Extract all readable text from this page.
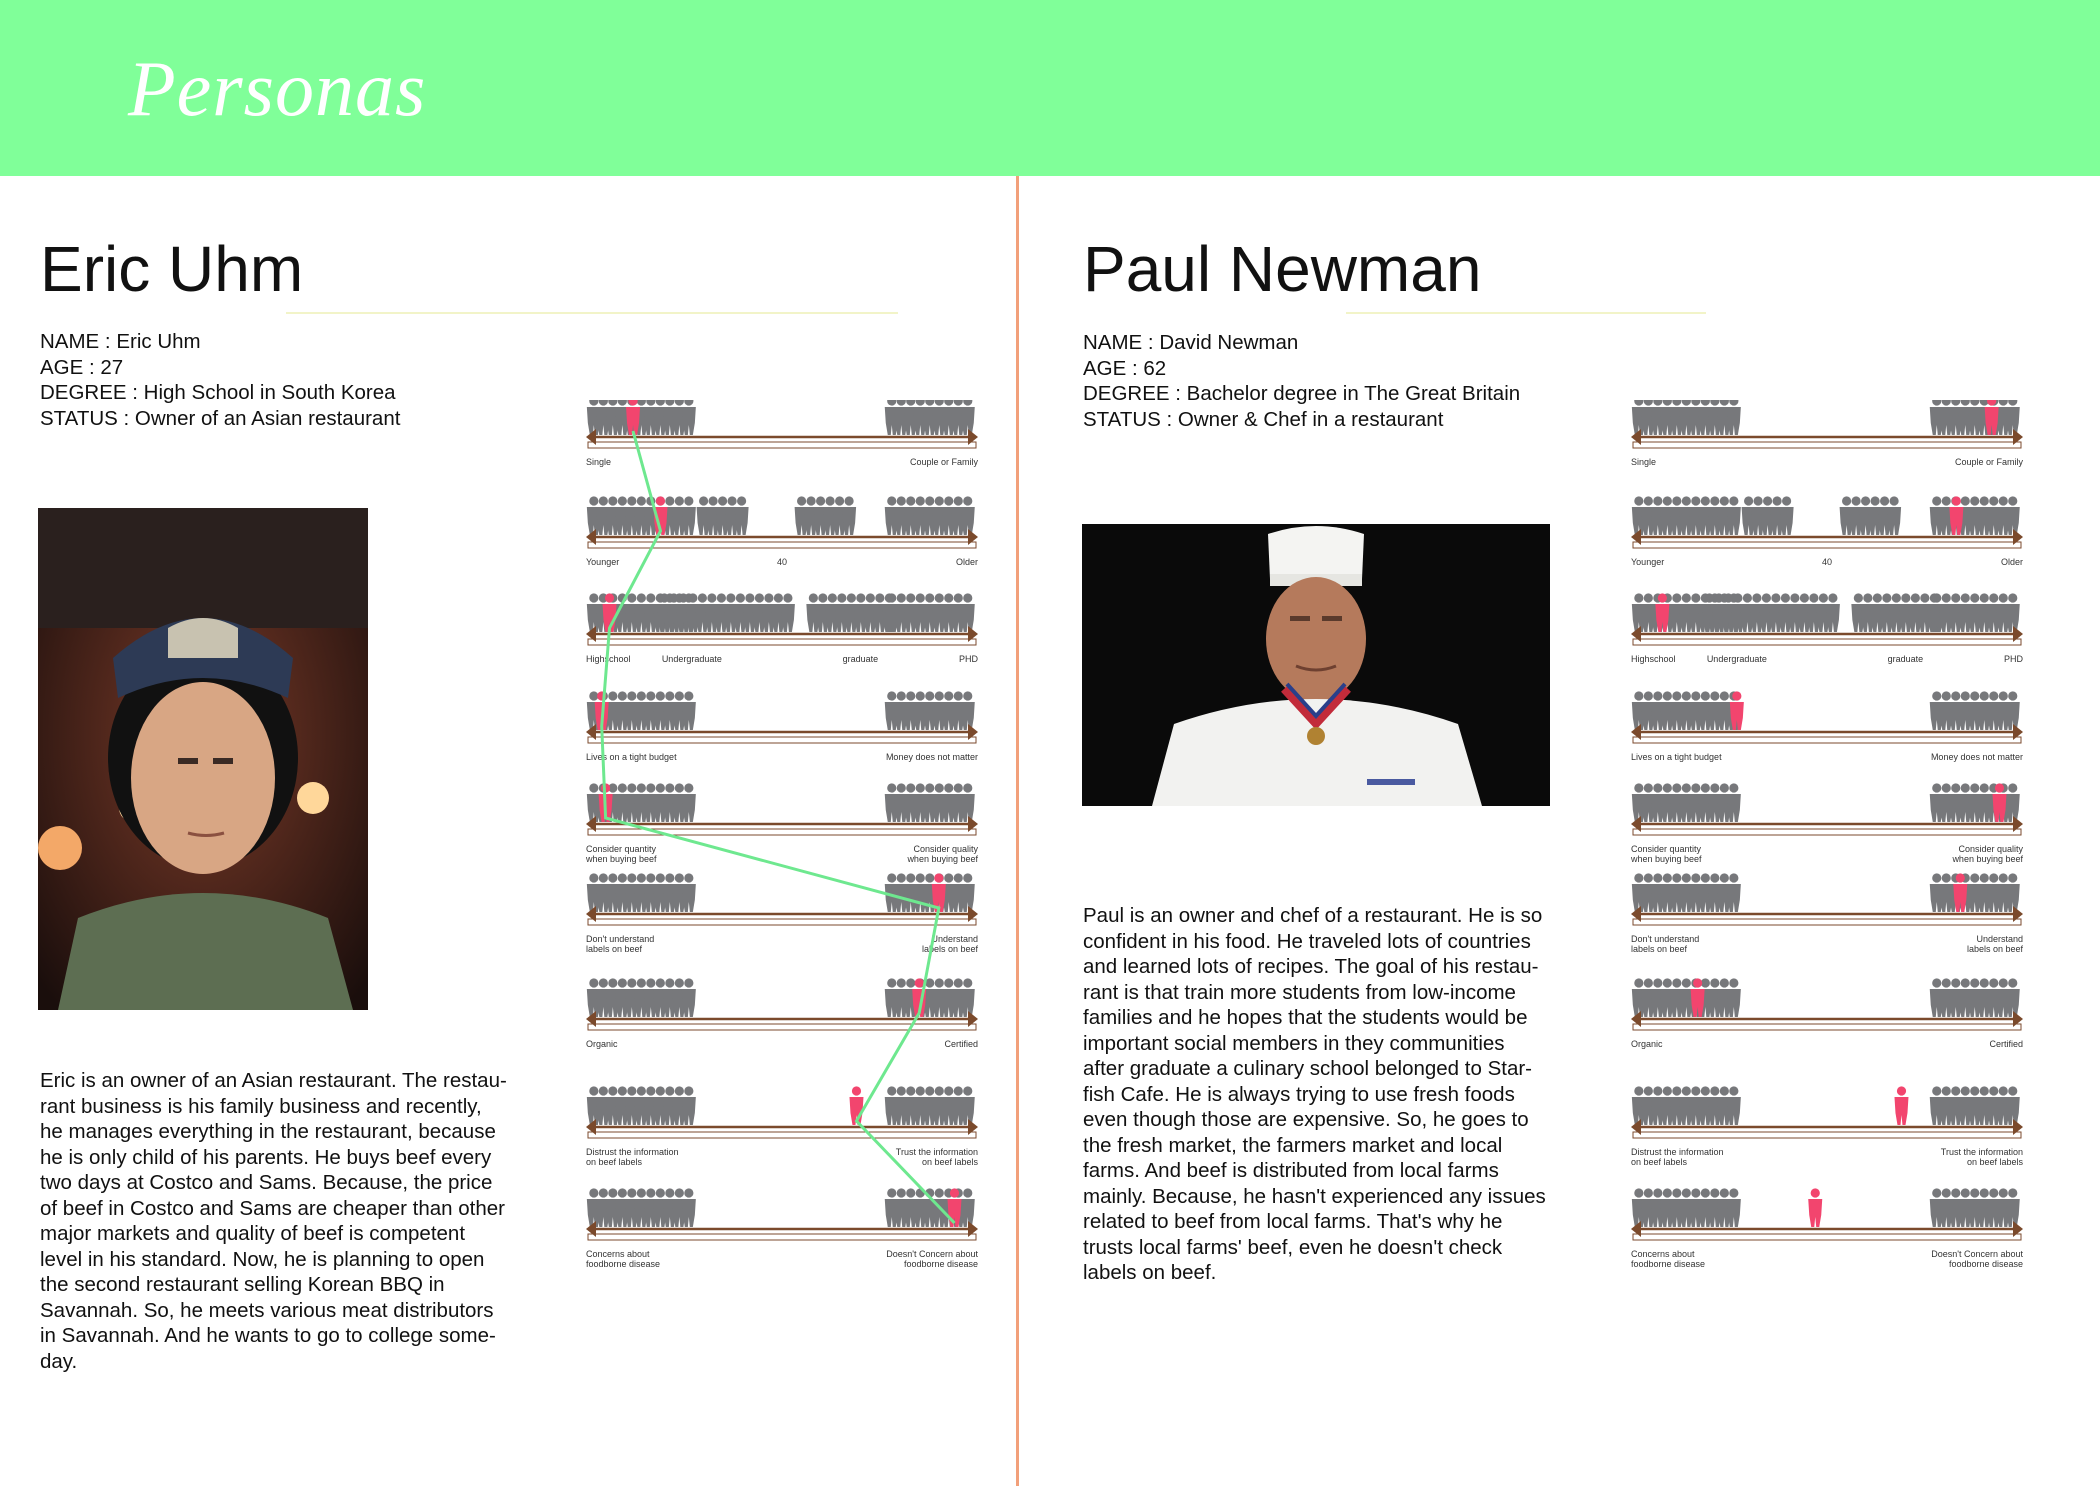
Personas
Eric Uhm
NAME : Eric Uhm
AGE : 27
DEGREE : High School in South Korea
STATUS : Owner of an Asian restaurant

Eric is an owner of an Asian restaurant. The restau-

rant business is his family business and recently,

he manages everything in the restaurant, because

he is only child of his parents. He buys beef every

two days at Costco and Sams. Because, the price

of beef in Costco and Sams are cheaper than other

major markets and quality of beef is competent

level in his standard. Now, he is planning to open

the second restaurant selling Korean BBQ in

Savannah. So, he meets various meat distributors

in Savannah. And he wants to go to college some-

day.

Single	Couple or Family
Younger	Older
40
Highschool	PHD
Undergraduate	graduate
Lives on a tight budget	Money does not matter
Consider quantity
when buying beef
Consider quality
when buying beef
Don't understand
labels on beef
Understand
labels on beef
Organic	Certified
Distrust the information
on beef labels
Trust the information
on beef labels
Concerns about
foodborne disease
Doesn't Concern about
foodborne disease
Paul Newman
NAME : David Newman
AGE : 62
DEGREE : Bachelor degree in The Great Britain
STATUS : Owner & Chef in a restaurant

Paul is an owner and chef of a restaurant. He is so

confident in his food. He traveled lots of countries

and learned lots of recipes. The goal of his restau-

rant is that train more students from low-income

families and he hopes that the students would be

important social members in they communities

after graduate a culinary school belonged to Star-

fish Cafe. He is always trying to use fresh foods

even though those are expensive. So, he goes to

the fresh market, the farmers market and local

farms. And beef is distributed from local farms

mainly. Because, he hasn't experienced any issues

related to beef from local farms. That's why he

trusts local farms' beef, even he doesn't check

labels on beef.

Single	Couple or Family
Younger	Older
40
Highschool	PHD
Undergraduate	graduate
Lives on a tight budget	Money does not matter
Consider quantity
when buying beef
Consider quality
when buying beef
Don't understand
labels on beef
Understand
labels on beef
Organic	Certified
Distrust the information
on beef labels
Trust the information
on beef labels
Concerns about
foodborne disease
Doesn't Concern about
foodborne disease
